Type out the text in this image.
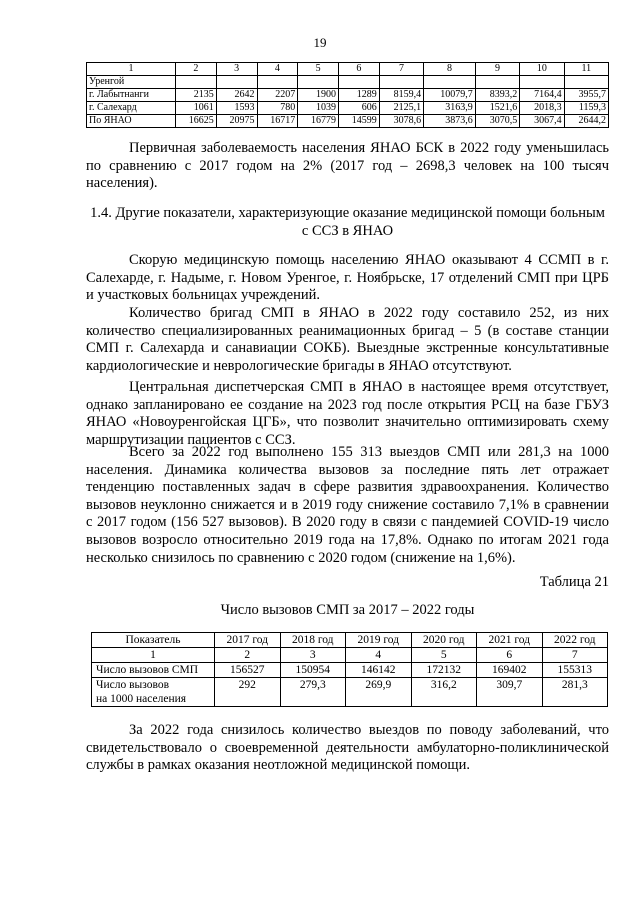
19
1	2	3	4	5	6	7	8	9	10	11
Уренгой										
г. Лабытнанги	2135	2642	2207	1900	1289	8159,4	10079,7	8393,2	7164,4	3955,7
г. Салехард	1061	1593	780	1039	606	2125,1	3163,9	1521,6	2018,3	1159,3
По ЯНАО	16625	20975	16717	16779	14599	3078,6	3873,6	3070,5	3067,4	2644,2

Первичная заболеваемость населения ЯНАО БСК в 2022 году уменьшилась по сравнению с 2017 годом на 2% (2017 год – 2698,3 человек на 100 тысяч населения).

1.4. Другие показатели, характеризующие оказание медицинской помощи больным с ССЗ в ЯНАО

Скорую медицинскую помощь населению ЯНАО оказывают 4 ССМП в г. Салехарде, г. Надыме, г. Новом Уренгое, г. Ноябрьске, 17 отделений СМП при ЦРБ и участковых больницах учреждений.

Количество бригад СМП в ЯНАО в 2022 году составило 252, из них количество специализированных реанимационных бригад – 5 (в составе станции СМП г. Салехарда и санавиации СОКБ). Выездные экстренные консультативные кардиологические и неврологические бригады в ЯНАО отсутствуют.

Центральная диспетчерская СМП в ЯНАО в настоящее время отсутствует, однако запланировано ее создание на 2023 год после открытия РСЦ на базе ГБУЗ ЯНАО «Новоуренгойская ЦГБ», что позволит значительно оптимизировать схему маршрутизации пациентов с ССЗ.

Всего за 2022 год выполнено 155 313 выездов СМП или 281,3 на 1000 населения. Динамика количества вызовов за последние пять лет отражает тенденцию поставленных задач в сфере развития здравоохранения. Количество вызовов неуклонно снижается и в 2019 году снижение составило 7,1% в сравнении с 2017 годом (156 527 вызовов). В 2020 году в связи с пандемией COVID-19 число вызовов возросло относительно 2019 года на 17,8%. Однако по итогам 2021 года несколько снизилось по сравнению с 2020 годом (снижение на 1,6%).

Таблица 21
Число вызовов СМП за 2017 – 2022 годы
Показатель	2017 год	2018 год	2019 год	2020 год	2021 год	2022 год
1	2	3	4	5	6	7
Число вызовов СМП	156527	150954	146142	172132	169402	155313

Число вызовов
на 1000 населения	292	279,3	269,9	316,2	309,7	281,3

За 2022 года снизилось количество выездов по поводу заболеваний, что свидетельствовало о своевременной деятельности амбулаторно-поликлинической службы в рамках оказания неотложной медицинской помощи.
